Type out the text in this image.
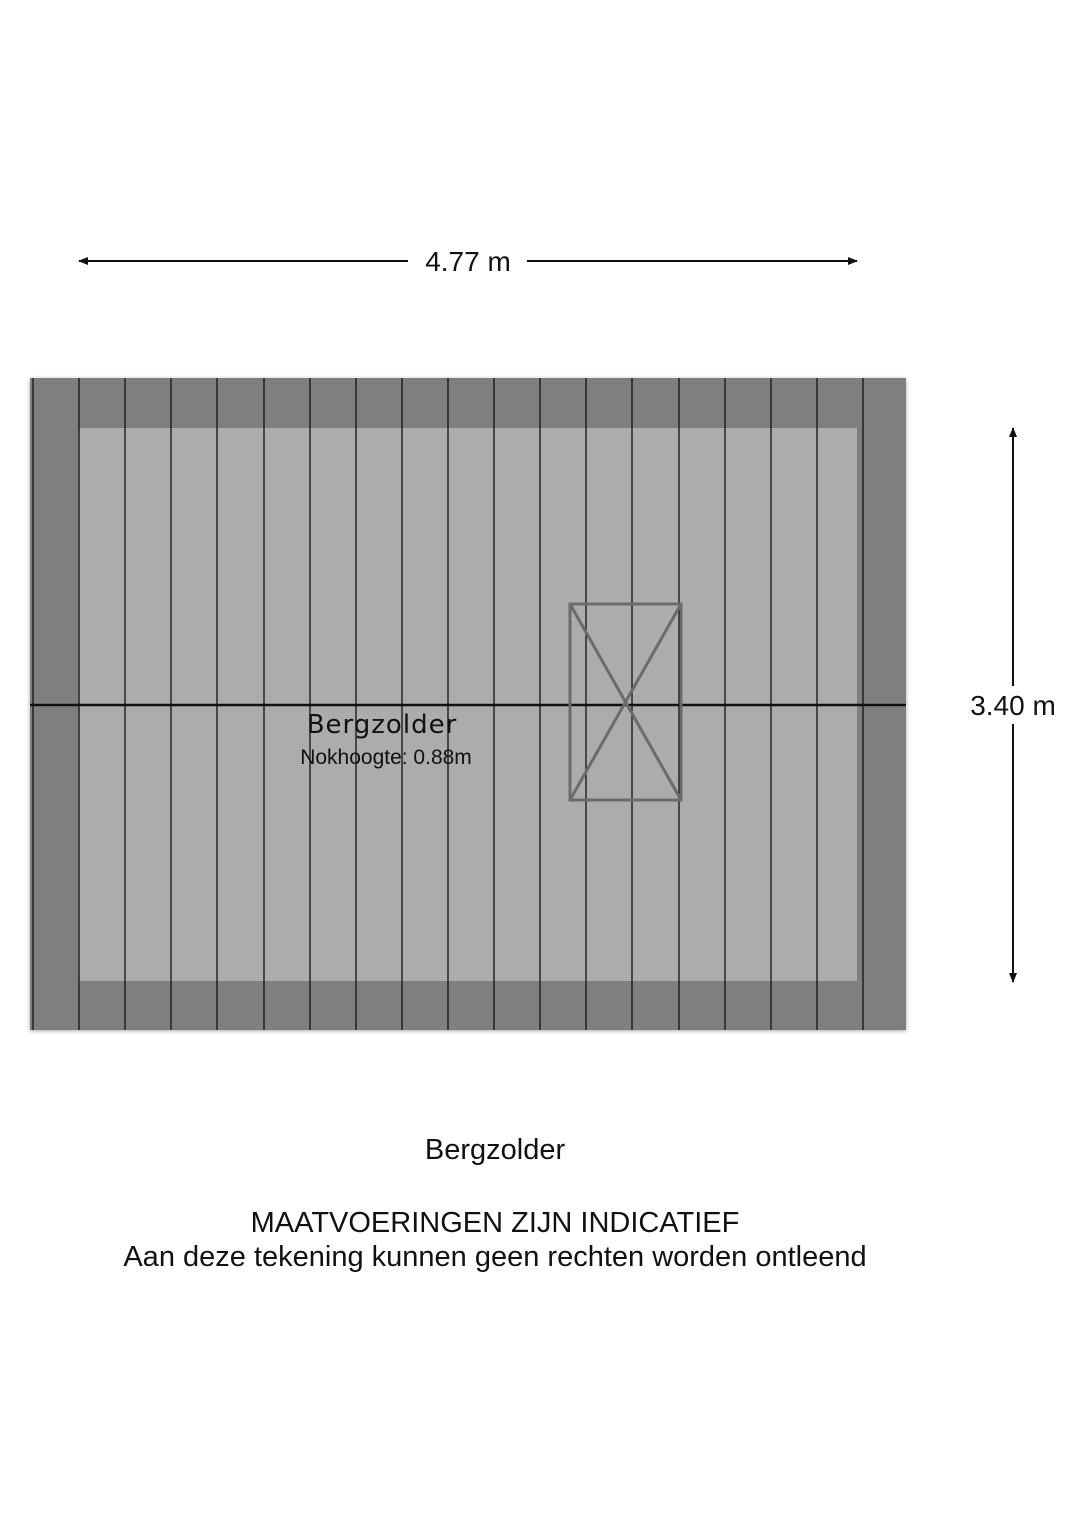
4.77 m
3.40 m
Bergzolder
Nokhoogte: 0.88m

Bergzolder

MAATVOERINGEN ZIJN INDICATIEF

Aan deze tekening kunnen geen rechten worden ontleend
